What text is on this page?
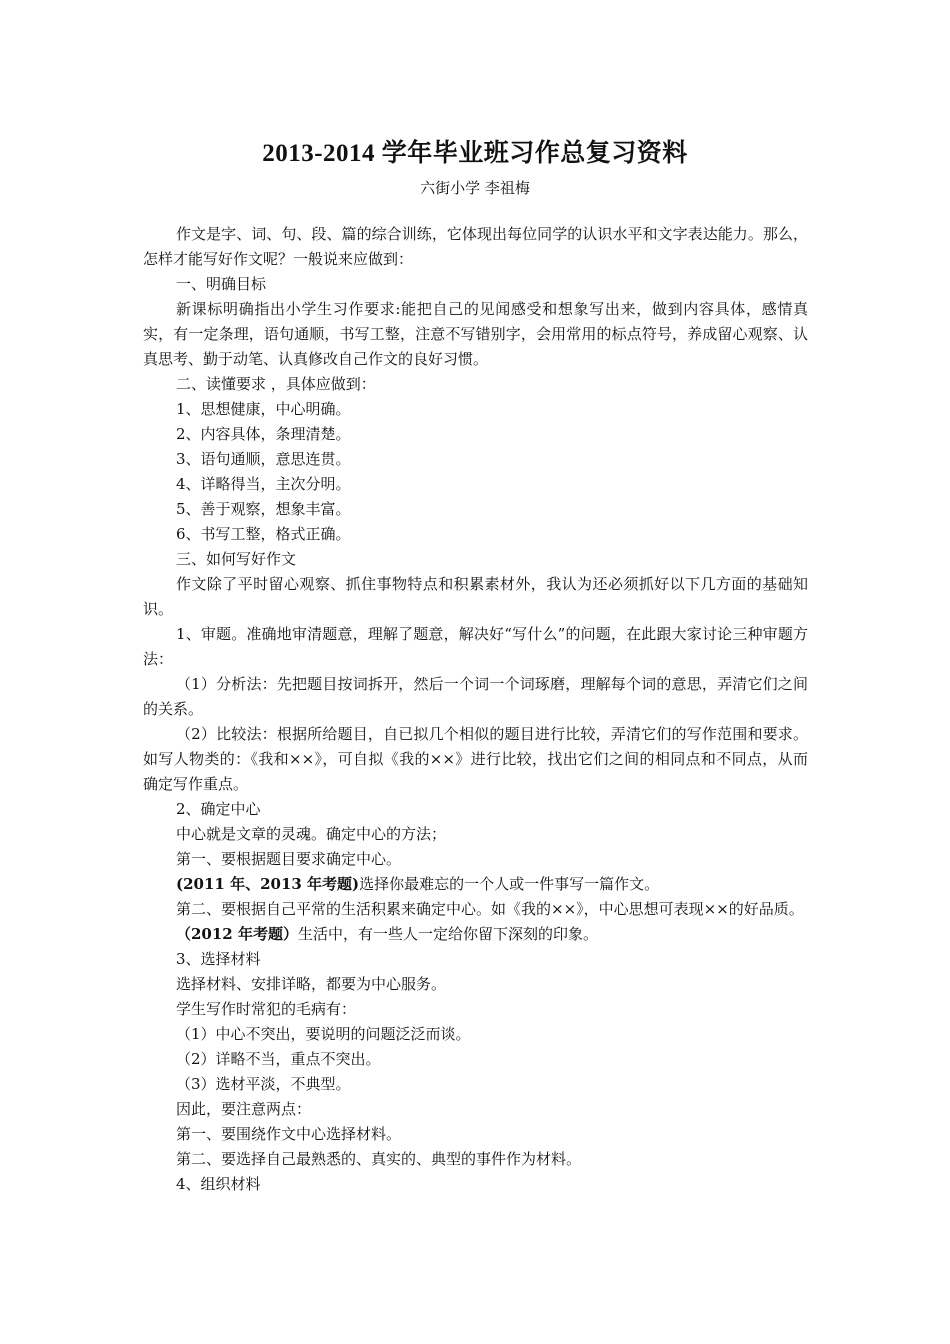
2013-2014 学年毕业班习作总复习资料
六街小学 李祖梅

作文是字、词、句、段、篇的综合训练，它体现出每位同学的认识水平和文字表达能力。那么，怎样才能写好作文呢？一般说来应做到：

一、明确目标

新课标明确指出小学生习作要求:能把自己的见闻感受和想象写出来，做到内容具体，感情真实，有一定条理，语句通顺，书写工整，注意不写错别字，会用常用的标点符号，养成留心观察、认真思考、勤于动笔、认真修改自己作文的良好习惯。

二、读懂要求 ，具体应做到：

1、思想健康，中心明确。

2、内容具体，条理清楚。

3、语句通顺，意思连贯。

4、详略得当，主次分明。

5、善于观察，想象丰富。

6、书写工整，格式正确。

三、如何写好作文

作文除了平时留心观察、抓住事物特点和积累素材外，我认为还必须抓好以下几方面的基础知识。

1、审题。准确地审清题意，理解了题意，解决好“写什么”的问题，在此跟大家讨论三种审题方法：

（1）分析法：先把题目按词拆开，然后一个词一个词琢磨，理解每个词的意思，弄清它们之间的关系。

（2）比较法：根据所给题目，自已拟几个相似的题目进行比较，弄清它们的写作范围和要求。如写人物类的：《我和××》，可自拟《我的××》进行比较，找出它们之间的相同点和不同点，从而确定写作重点。

2、确定中心

中心就是文章的灵魂。确定中心的方法；

第一、要根据题目要求确定中心。

(2011 年、2013 年考题)选择你最难忘的一个人或一件事写一篇作文。

第二、要根据自己平常的生活积累来确定中心。如《我的××》，中心思想可表现××的好品质。

（2012 年考题）生活中，有一些人一定给你留下深刻的印象。

3、选择材料

选择材料、安排详略，都要为中心服务。

学生写作时常犯的毛病有：

（1）中心不突出，要说明的问题泛泛而谈。

（2）详略不当，重点不突出。

（3）选材平淡，不典型。

因此，要注意两点：

第一、要围绕作文中心选择材料。

第二、要选择自己最熟悉的、真实的、典型的事件作为材料。

4、组织材料
